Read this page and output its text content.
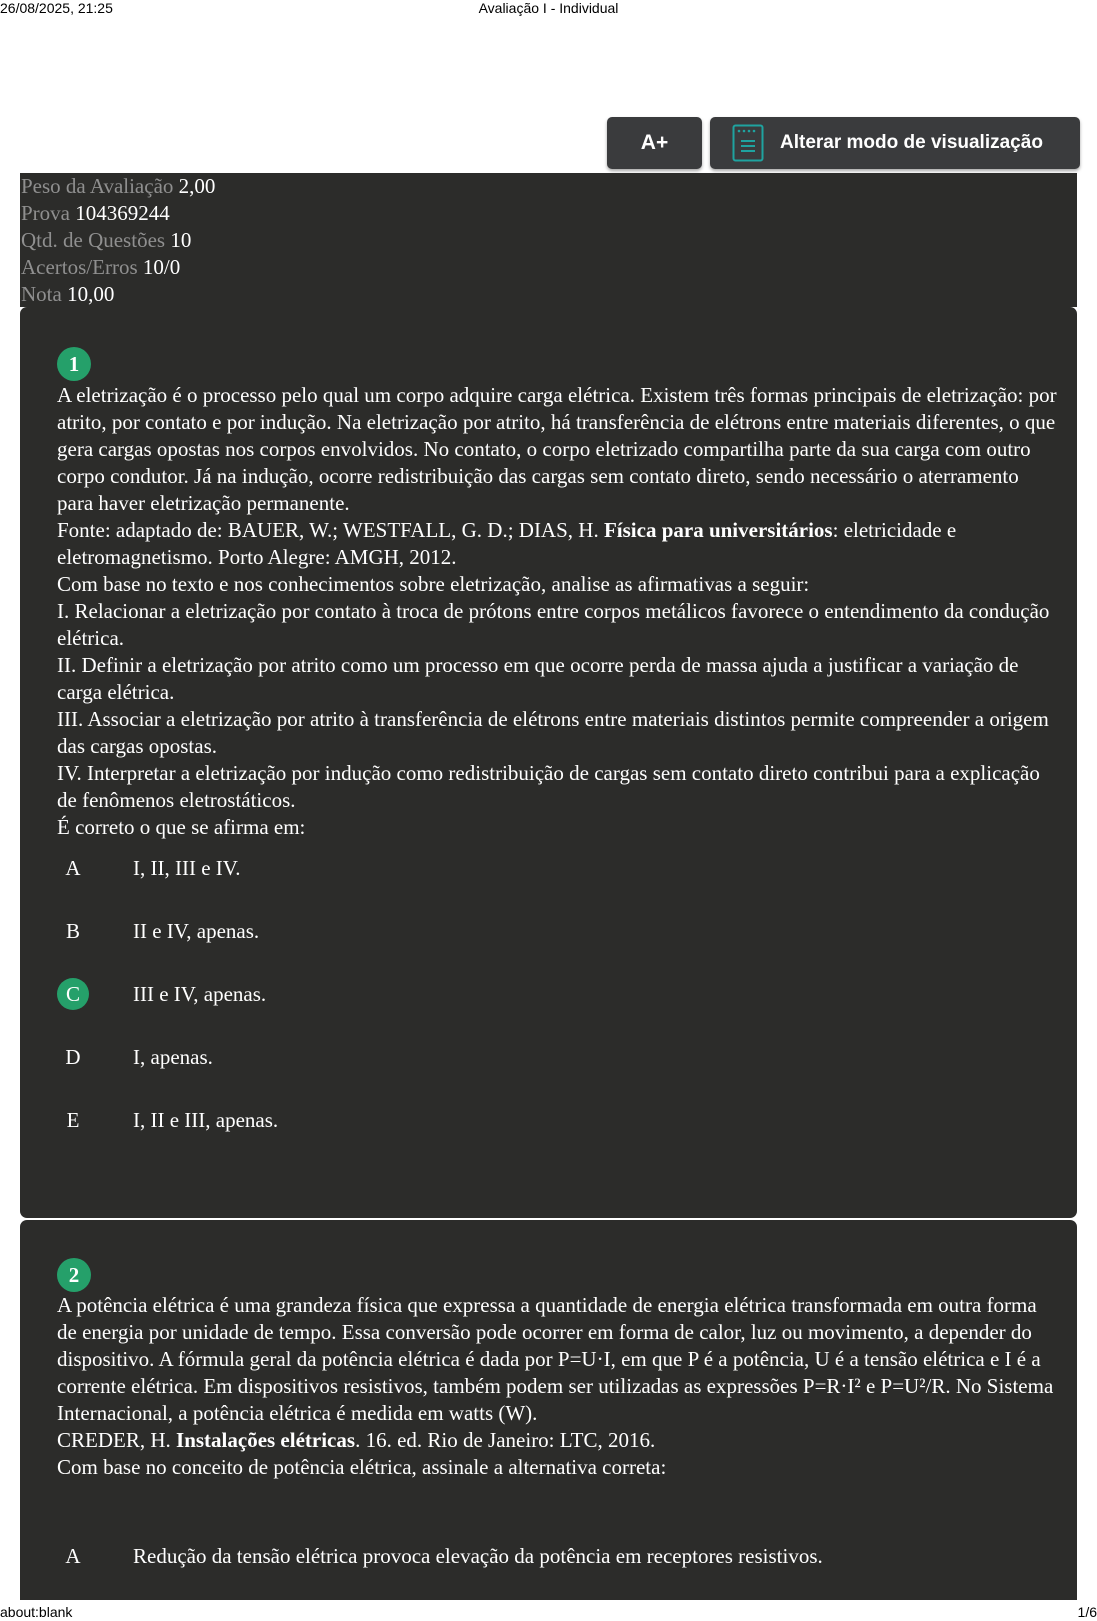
26/08/2025, 21:25	Avaliação I - Individual
A+	Alterar modo de visualização

Peso da Avaliação 2,00

Prova 104369244

Qtd. de Questões 10

Acertos/Erros 10/0

Nota 10,00

1

A eletrização é o processo pelo qual um corpo adquire carga elétrica. Existem três formas principais de eletrização: por atrito, por contato e por indução. Na eletrização por atrito, há transferência de elétrons entre materiais diferentes, o que gera cargas opostas nos corpos envolvidos. No contato, o corpo eletrizado compartilha parte da sua carga com outro corpo condutor. Já na indução, ocorre redistribuição das cargas sem contato direto, sendo necessário o aterramento para haver eletrização permanente.

Fonte: adaptado de: BAUER, W.; WESTFALL, G. D.; DIAS, H. Física para universitários: eletricidade e eletromagnetismo. Porto Alegre: AMGH, 2012.

Com base no texto e nos conhecimentos sobre eletrização, analise as afirmativas a seguir:

I. Relacionar a eletrização por contato à troca de prótons entre corpos metálicos favorece o entendimento da condução elétrica.

II. Definir a eletrização por atrito como um processo em que ocorre perda de massa ajuda a justificar a variação de carga elétrica.

III. Associar a eletrização por atrito à transferência de elétrons entre materiais distintos permite compreender a origem das cargas opostas.

IV. Interpretar a eletrização por indução como redistribuição de cargas sem contato direto contribui para a explicação de fenômenos eletrostáticos.

É correto o que se afirma em:

A	I, II, III e IV.
B	II e IV, apenas.
C	III e IV, apenas.
D	I, apenas.
E	I, II e III, apenas.
2

A potência elétrica é uma grandeza física que expressa a quantidade de energia elétrica transformada em outra forma de energia por unidade de tempo. Essa conversão pode ocorrer em forma de calor, luz ou movimento, a depender do dispositivo. A fórmula geral da potência elétrica é dada por P=U·I, em que P é a potência, U é a tensão elétrica e I é a corrente elétrica. Em dispositivos resistivos, também podem ser utilizadas as expressões P=R·I² e P=U²/R. No Sistema Internacional, a potência elétrica é medida em watts (W).

CREDER, H. Instalações elétricas. 16. ed. Rio de Janeiro: LTC, 2016.

Com base no conceito de potência elétrica, assinale a alternativa correta:

A	Redução da tensão elétrica provoca elevação da potência em receptores resistivos.
about:blank	1/6
